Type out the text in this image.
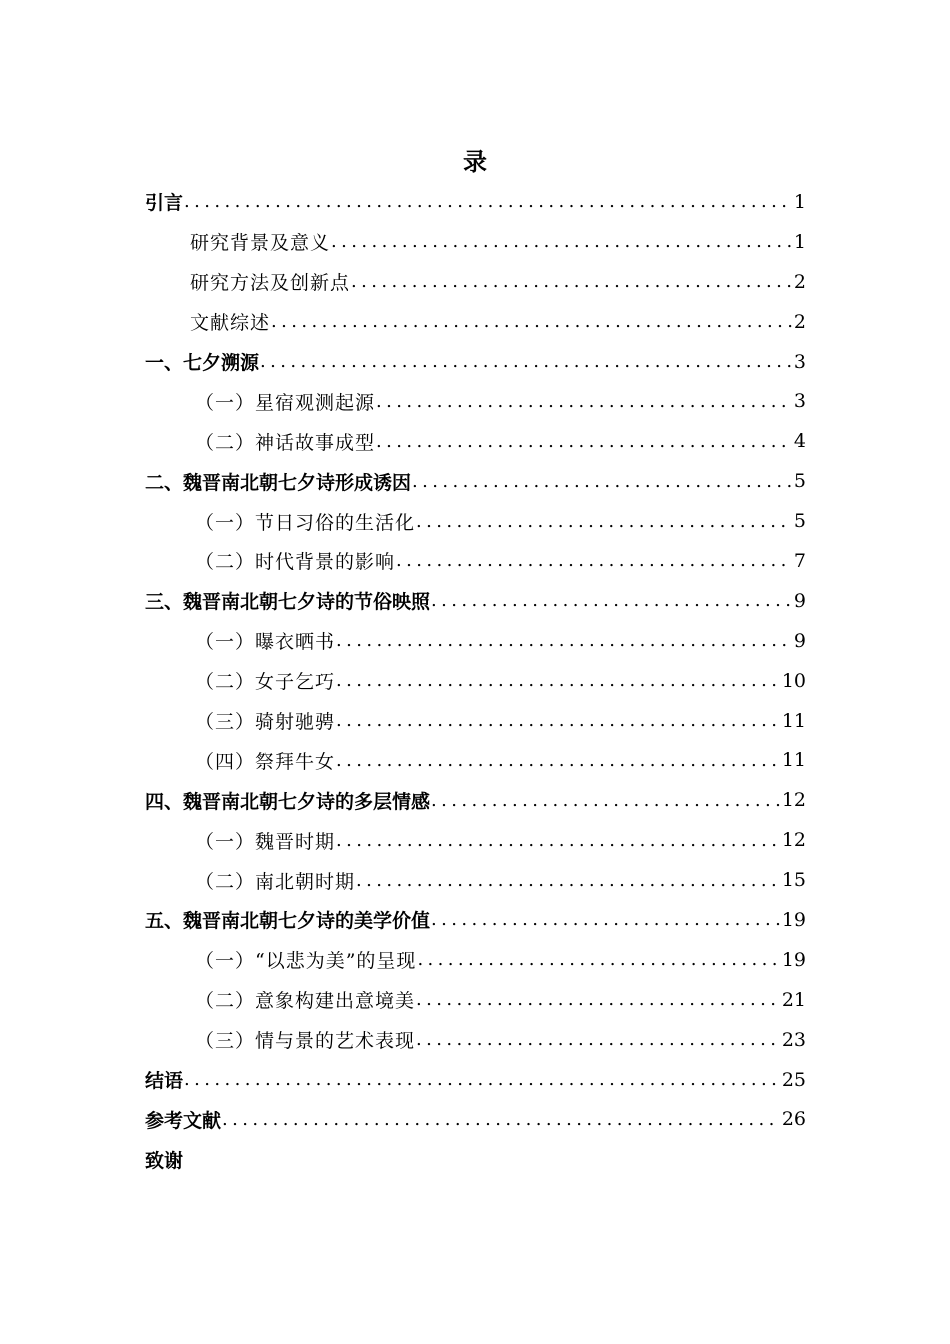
录
引言 .....	1
研究背景及意义 .....	1
研究方法及创新点 .....	2
文献综述 .....	2
一、七夕溯源 .....	3
（一）星宿观测起源 .....	3
（二）神话故事成型 .....	4
二、魏晋南北朝七夕诗形成诱因 .....	5
（一）节日习俗的生活化 .....	5
（二）时代背景的影响 .....	7
三、魏晋南北朝七夕诗的节俗映照 .....	9
（一）曝衣晒书 .....	9
（二）女子乞巧 .....	10
（三）骑射驰骋 .....	11
（四）祭拜牛女 .....	11
四、魏晋南北朝七夕诗的多层情感 .....	12
（一）魏晋时期 .....	12
（二）南北朝时期 .....	15
五、魏晋南北朝七夕诗的美学价值 .....	19
（一）“以悲为美”的呈现 .....	19
（二）意象构建出意境美 .....	21
（三）情与景的艺术表现 .....	23
结语 .....	25
参考文献 .....	26
致谢
